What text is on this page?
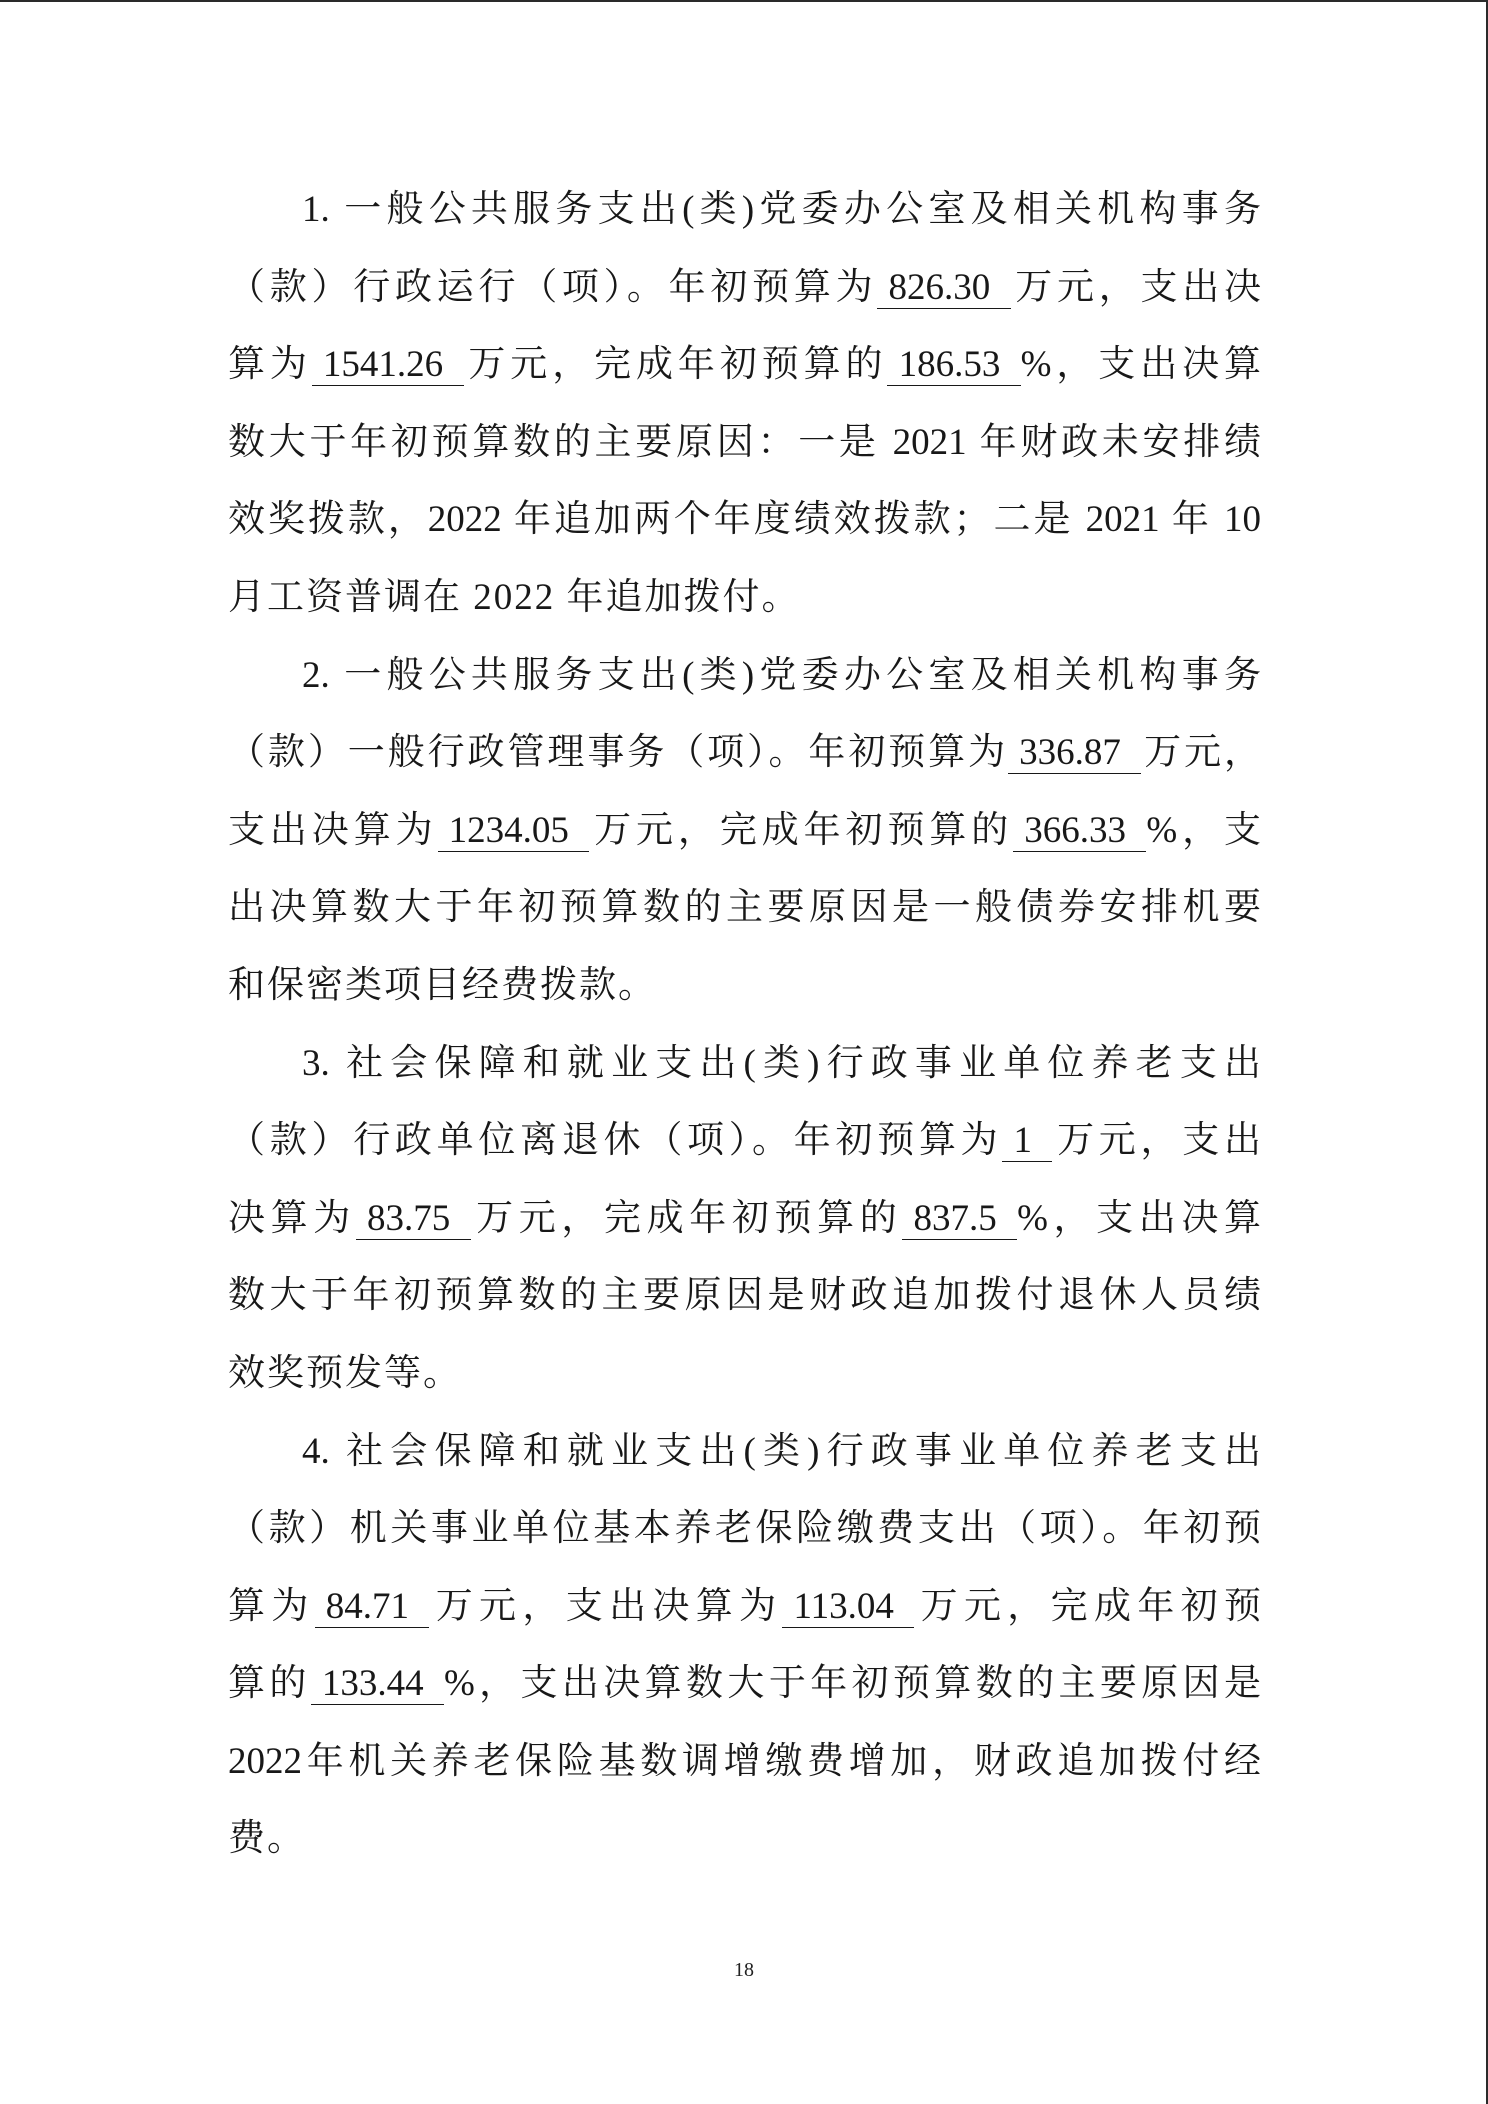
1. 一般公共服务支出(类)党委办公室及相关机构事务
（款）行政运行（项）。年初预算为 826.30 万元，支出决
算为 1541.26 万元，完成年初预算的 186.53 %，支出决算
数大于年初预算数的主要原因：一是 2021 年财政未安排绩
效奖拨款，2022 年追加两个年度绩效拨款；二是 2021 年 10
月工资普调在 2022 年追加拨付。
2. 一般公共服务支出(类)党委办公室及相关机构事务
（款）一般行政管理事务（项）。年初预算为 336.87 万元，
支出决算为 1234.05 万元，完成年初预算的 366.33 %，支
出决算数大于年初预算数的主要原因是一般债券安排机要
和保密类项目经费拨款。
3. 社会保障和就业支出(类)行政事业单位养老支出
（款）行政单位离退休（项）。年初预算为 1 万元，支出
决算为 83.75 万元，完成年初预算的 837.5 %，支出决算
数大于年初预算数的主要原因是财政追加拨付退休人员绩
效奖预发等。
4. 社会保障和就业支出(类)行政事业单位养老支出
（款）机关事业单位基本养老保险缴费支出（项）。年初预
算为 84.71 万元，支出决算为 113.04 万元，完成年初预
算的 133.44 %，支出决算数大于年初预算数的主要原因是
2022年机关养老保险基数调增缴费增加，财政追加拨付经
费。
18
